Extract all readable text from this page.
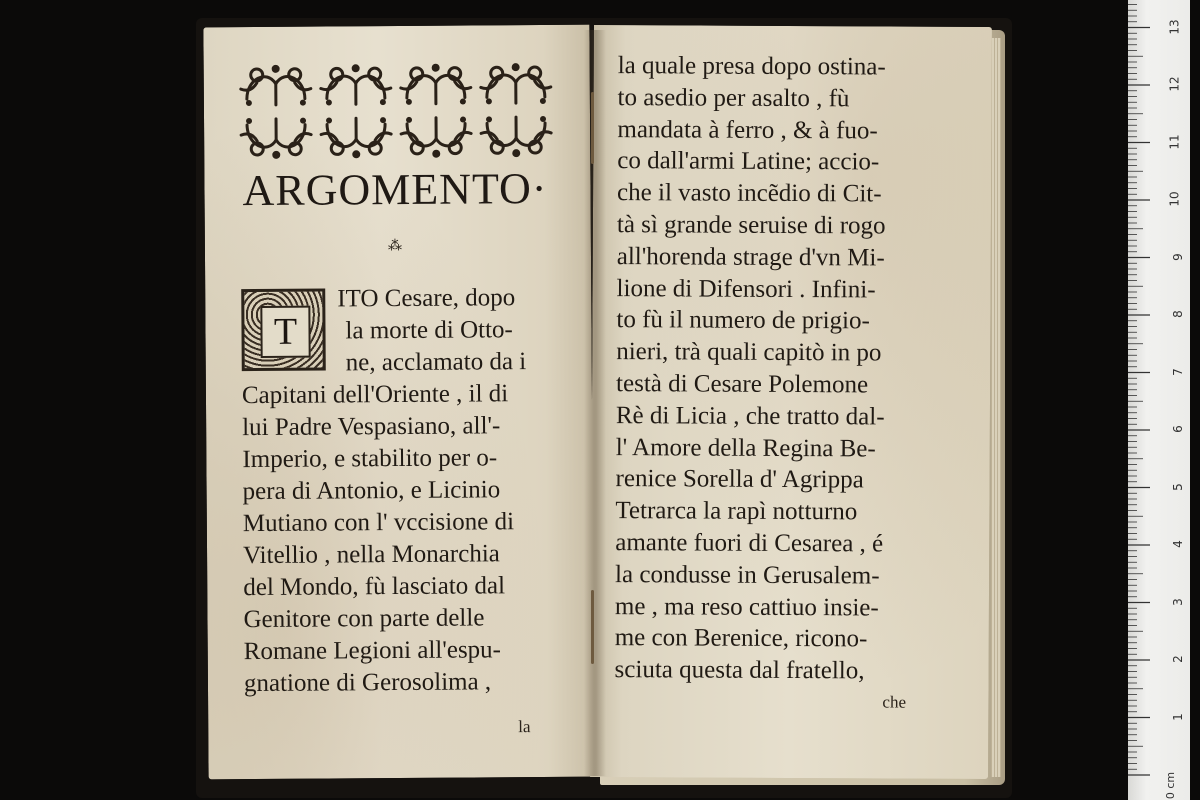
ARGOMENTO·
⁂
T
ITO Cesare, dopo
la morte di Otto-
ne, acclamato da i
Capitani dell'Oriente , il di
lui Padre Vespasiano, all'-
Imperio, e stabilito per o-
pera di Antonio, e Licinio
Mutiano con l' vccisione di
Vitellio , nella Monarchia
del Mondo, fù lasciato dal
Genitore con parte delle
Romane Legioni all'espu-
gnatione di Gerosolima ,
la
la quale presa dopo ostina-
to asedio per asalto , fù
mandata à ferro , & à fuo-
co dall'armi Latine; accio-
che il vasto incẽdio di Cit-
tà sì grande seruise di rogo
all'horenda strage d'vn Mi-
lione di Difensori . Infini-
to fù il numero de prigio-
nieri, trà quali capitò in po
testà di Cesare Polemone
Rè di Licia , che tratto dal-
l' Amore della Regina Be-
renice Sorella d' Agrippa
Tetrarca la rapì notturno
amante fuori di Cesarea , é
la condusse in Gerusalem-
me , ma reso cattiuo insie-
me con Berenice, ricono-
sciuta questa dal fratello,
che
1
2
3
4
5
6
7
8
9
10
11
12
13
0 cm
